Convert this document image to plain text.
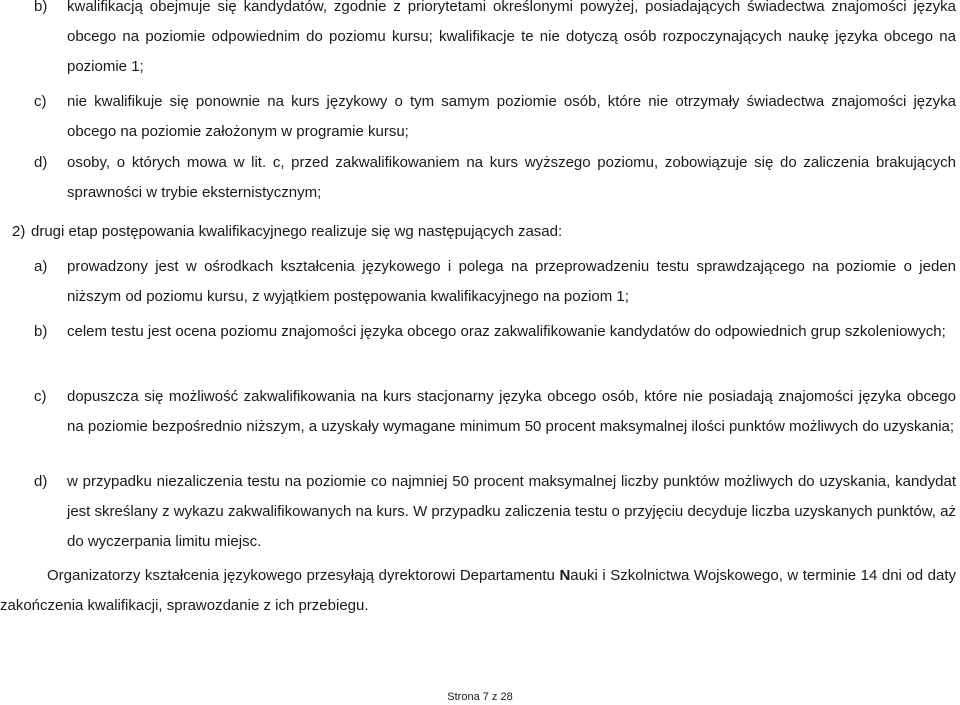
b)	kwalifikacją obejmuje się kandydatów, zgodnie z priorytetami określonymi powyżej, posiadających świadectwa znajomości języka obcego na poziomie odpowiednim do poziomu kursu; kwalifikacje te nie dotyczą osób rozpoczynających naukę języka obcego na poziomie 1;
c)	nie kwalifikuje się ponownie na kurs językowy o tym samym poziomie osób, które nie otrzymały świadectwa znajomości języka obcego na poziomie założonym w programie kursu;
d)	osoby, o których mowa w lit. c, przed zakwalifikowaniem na kurs wyższego poziomu, zobowiązuje się do zaliczenia brakujących sprawności w trybie eksternistycznym;
2) drugi etap postępowania kwalifikacyjnego realizuje się wg następujących zasad:
a)	prowadzony jest w ośrodkach kształcenia językowego i polega na przeprowadzeniu testu sprawdzającego na poziomie o jeden niższym od poziomu kursu, z wyjątkiem postępowania kwalifikacyjnego na poziom 1;
b)	celem testu jest ocena poziomu znajomości języka obcego oraz zakwalifikowanie kandydatów do odpowiednich grup szkoleniowych;
c)	dopuszcza się możliwość zakwalifikowania na kurs stacjonarny języka obcego osób, które nie posiadają znajomości języka obcego na poziomie bezpośrednio niższym, a uzyskały wymagane minimum 50 procent maksymalnej ilości punktów możliwych do uzyskania;
d)	w przypadku niezaliczenia testu na poziomie co najmniej 50 procent maksymalnej liczby punktów możliwych do uzyskania, kandydat jest skreślany z wykazu zakwalifikowanych na kurs. W przypadku zaliczenia testu o przyjęciu decyduje liczba uzyskanych punktów, aż do wyczerpania limitu miejsc.
Organizatorzy kształcenia językowego przesyłają dyrektorowi Departamentu Nauki i Szkolnictwa Wojskowego, w terminie 14 dni od daty zakończenia kwalifikacji, sprawozdanie z ich przebiegu.
Strona 7 z 28
